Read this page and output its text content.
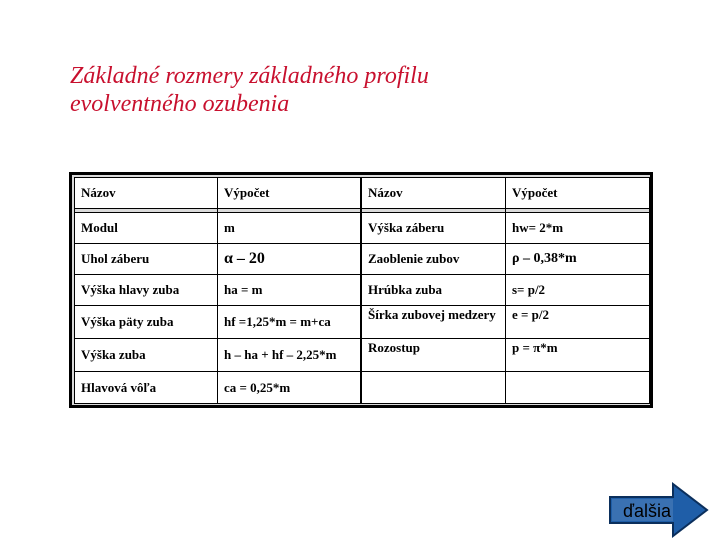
Základné rozmery základného profilu
evolventného ozubenia
Názov	Výpočet	Názov	Výpočet

Modul	m	Výška záberu	hw= 2*m
Uhol záberu	α – 20	Zaoblenie zubov	ρ – 0,38*m
Výška hlavy zuba	ha = m	Hrúbka zuba	s= p/2
Výška päty zuba	hf =1,25*m = m+ca	Šírka zubovej medzery	e = p/2
Výška zuba	h – ha + hf – 2,25*m	Rozostup	p = π*m
Hlavová vôľa	ca = 0,25*m		
ďalšia
